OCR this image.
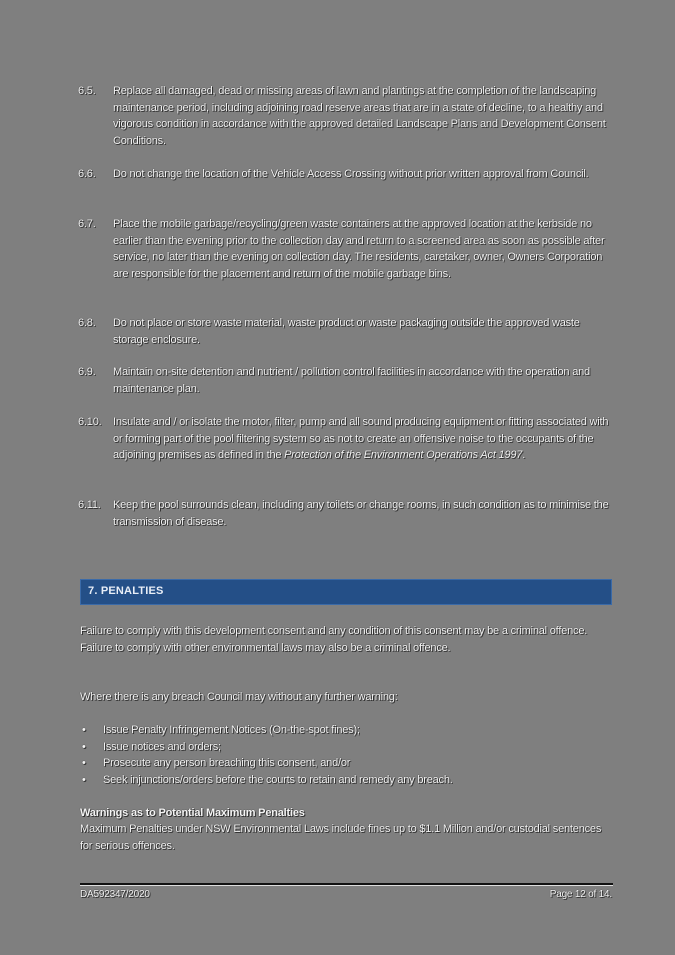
6.5.	Replace all damaged, dead or missing areas of lawn and plantings at the completion of the landscaping maintenance period, including adjoining road reserve areas that are in a state of decline, to a healthy and vigorous condition in accordance with the approved detailed Landscape Plans and Development Consent Conditions.
6.6.	Do not change the location of the Vehicle Access Crossing without prior written approval from Council.
6.7.	Place the mobile garbage/recycling/green waste containers at the approved location at the kerbside no earlier than the evening prior to the collection day and return to a screened area as soon as possible after service, no later than the evening on collection day. The residents, caretaker, owner, Owners Corporation are responsible for the placement and return of the mobile garbage bins.
6.8.	Do not place or store waste material, waste product or waste packaging outside the approved waste storage enclosure.
6.9.	Maintain on-site detention and nutrient / pollution control facilities in accordance with the operation and maintenance plan.
6.10.	Insulate and / or isolate the motor, filter, pump and all sound producing equipment or fitting associated with or forming part of the pool filtering system so as not to create an offensive noise to the occupants of the adjoining premises as defined in the Protection of the Environment Operations Act 1997.
6.11.	Keep the pool surrounds clean, including any toilets or change rooms, in such condition as to minimise the transmission of disease.
7. PENALTIES
Failure to comply with this development consent and any condition of this consent may be a criminal offence. Failure to comply with other environmental laws may also be a criminal offence.
Where there is any breach Council may without any further warning:
•	Issue Penalty Infringement Notices (On-the-spot fines);
•	Issue notices and orders;
•	Prosecute any person breaching this consent, and/or
•	Seek injunctions/orders before the courts to retain and remedy any breach.
Warnings as to Potential Maximum Penalties
Maximum Penalties under NSW Environmental Laws include fines up to $1.1 Million and/or custodial sentences for serious offences.
DA592347/2020	Page 12 of 14.
